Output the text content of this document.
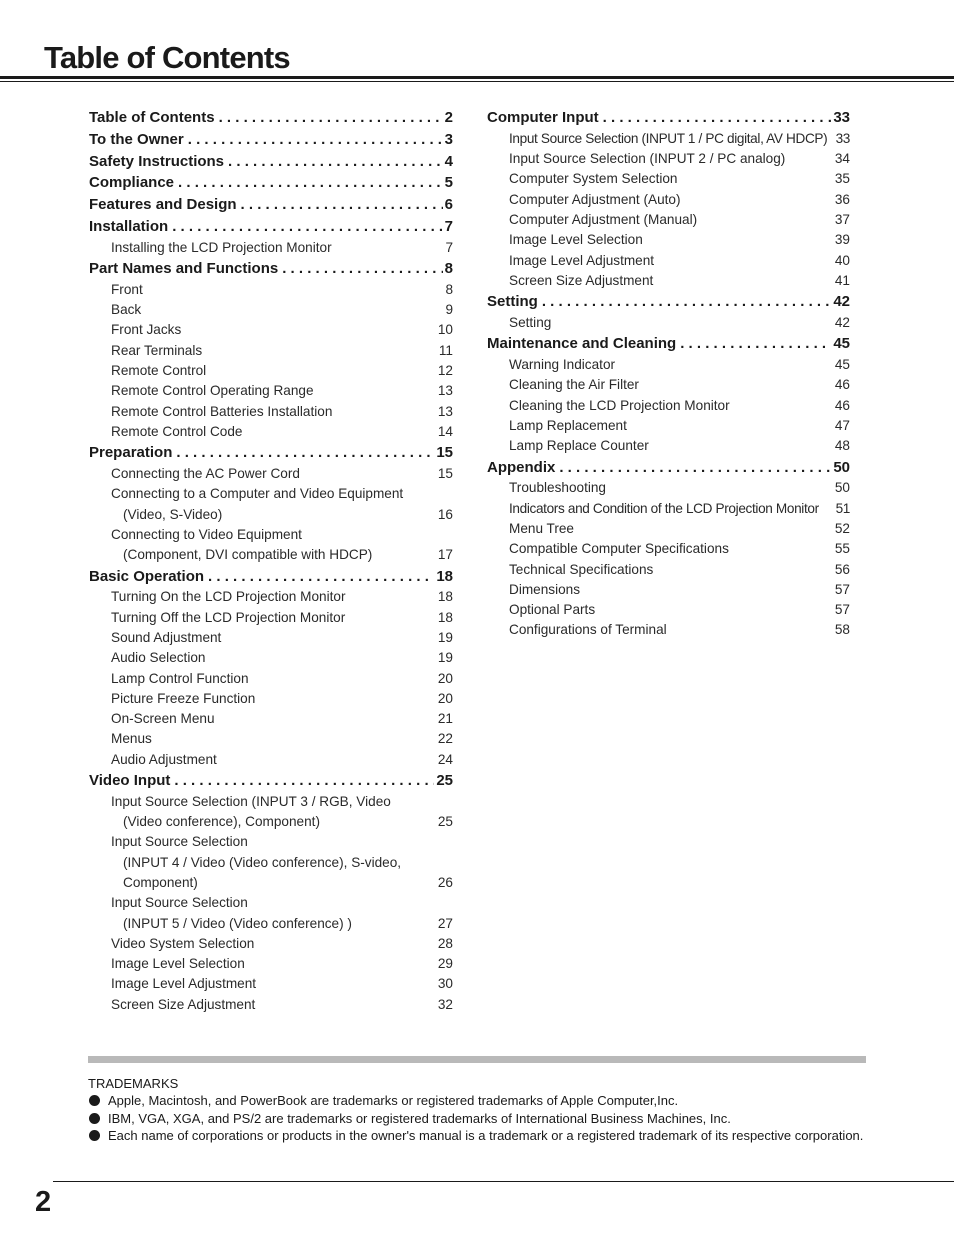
Table of Contents
Table of Contents . . .	2
To the Owner . . .	3
Safety Instructions . . .	4
Compliance . . .	5
Features and Design . . .	6
Installation . . .	7
Installing the LCD Projection Monitor	7
Part Names and Functions . . .	8
Front	8
Back	9
Front Jacks	10
Rear Terminals	11
Remote Control	12
Remote Control Operating Range	13
Remote Control Batteries Installation	13
Remote Control Code	14
Preparation . . .	15
Connecting the AC Power Cord	15
Connecting to a Computer and Video Equipment
(Video, S-Video)	16
Connecting to Video Equipment
(Component, DVI compatible with HDCP)	17
Basic Operation . . .	18
Turning On the LCD Projection Monitor	18
Turning Off the LCD Projection Monitor	18
Sound Adjustment	19
Audio Selection	19
Lamp Control Function	20
Picture Freeze Function	20
On-Screen Menu	21
Menus	22
Audio Adjustment	24
Video Input . . .	25
Input Source Selection (INPUT 3 / RGB, Video
(Video conference), Component)	25
Input Source Selection
(INPUT 4 / Video (Video conference), S-video,
Component)	26
Input Source Selection
(INPUT 5 / Video (Video conference) )	27
Video System Selection	28
Image Level Selection	29
Image Level Adjustment	30
Screen Size Adjustment	32
Computer Input . . .	33
Input Source Selection (INPUT 1 / PC digital, AV HDCP) 33
Input Source Selection (INPUT 2 / PC analog)	34
Computer System Selection	35
Computer Adjustment (Auto)	36
Computer Adjustment (Manual)	37
Image Level Selection	39
Image Level Adjustment	40
Screen Size Adjustment	41
Setting . . .	42
Setting	42
Maintenance and Cleaning . . .	45
Warning Indicator	45
Cleaning the Air Filter	46
Cleaning the LCD Projection Monitor	46
Lamp Replacement	47
Lamp Replace Counter	48
Appendix . . .	50
Troubleshooting	50
Indicators and Condition of the LCD Projection Monitor	51
Menu Tree	52
Compatible Computer Specifications	55
Technical Specifications	56
Dimensions	57
Optional Parts	57
Configurations of Terminal	58

TRADEMARKS

Apple, Macintosh, and PowerBook are trademarks or registered trademarks of Apple Computer,Inc.
IBM, VGA, XGA, and PS/2 are trademarks or registered trademarks of International Business Machines, Inc.
Each name of corporations or products in the owner's manual is a trademark or a registered trademark of its respective corporation.
2
